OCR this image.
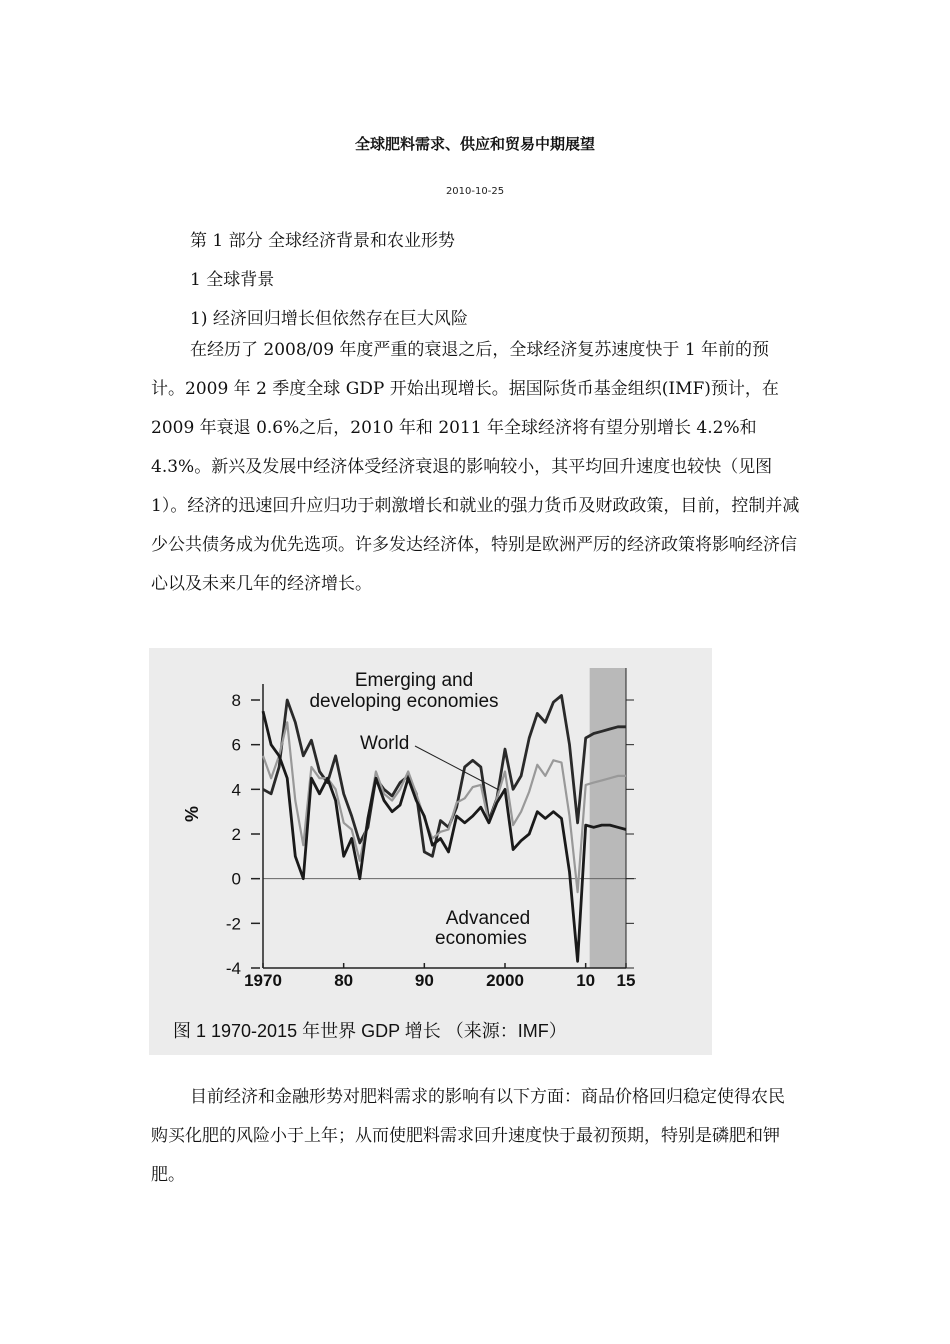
全球肥料需求、供应和贸易中期展望
2010-10-25
第 1 部分 全球经济背景和农业形势
1 全球背景
1) 经济回归增长但依然存在巨大风险

在经历了 2008/09 年度严重的衰退之后，全球经济复苏速度快于 1 年前的预计。2009 年 2 季度全球 GDP 开始出现增长。据国际货币基金组织(IMF)预计，在 2009 年衰退 0.6%之后，2010 年和 2011 年全球经济将有望分别增长 4.2%和 4.3%。新兴及发展中经济体受经济衰退的影响较小，其平均回升速度也较快（见图 1）。经济的迅速回升应归功于刺激增长和就业的强力货币及财政政策，目前，控制并减少公共债务成为优先选项。许多发达经济体，特别是欧洲严厉的经济政策将影响经济信心以及未来几年的经济增长。

-4
-2
0
2
4
6
8
1970	80	90	2000	10 15
%
Emerging and
developing economies
World
Advanced
economies
图 1 1970-2015 年世界 GDP 增长 （来源：IMF）

目前经济和金融形势对肥料需求的影响有以下方面：商品价格回归稳定使得农民购买化肥的风险小于上年；从而使肥料需求回升速度快于最初预期，特别是磷肥和钾肥。
